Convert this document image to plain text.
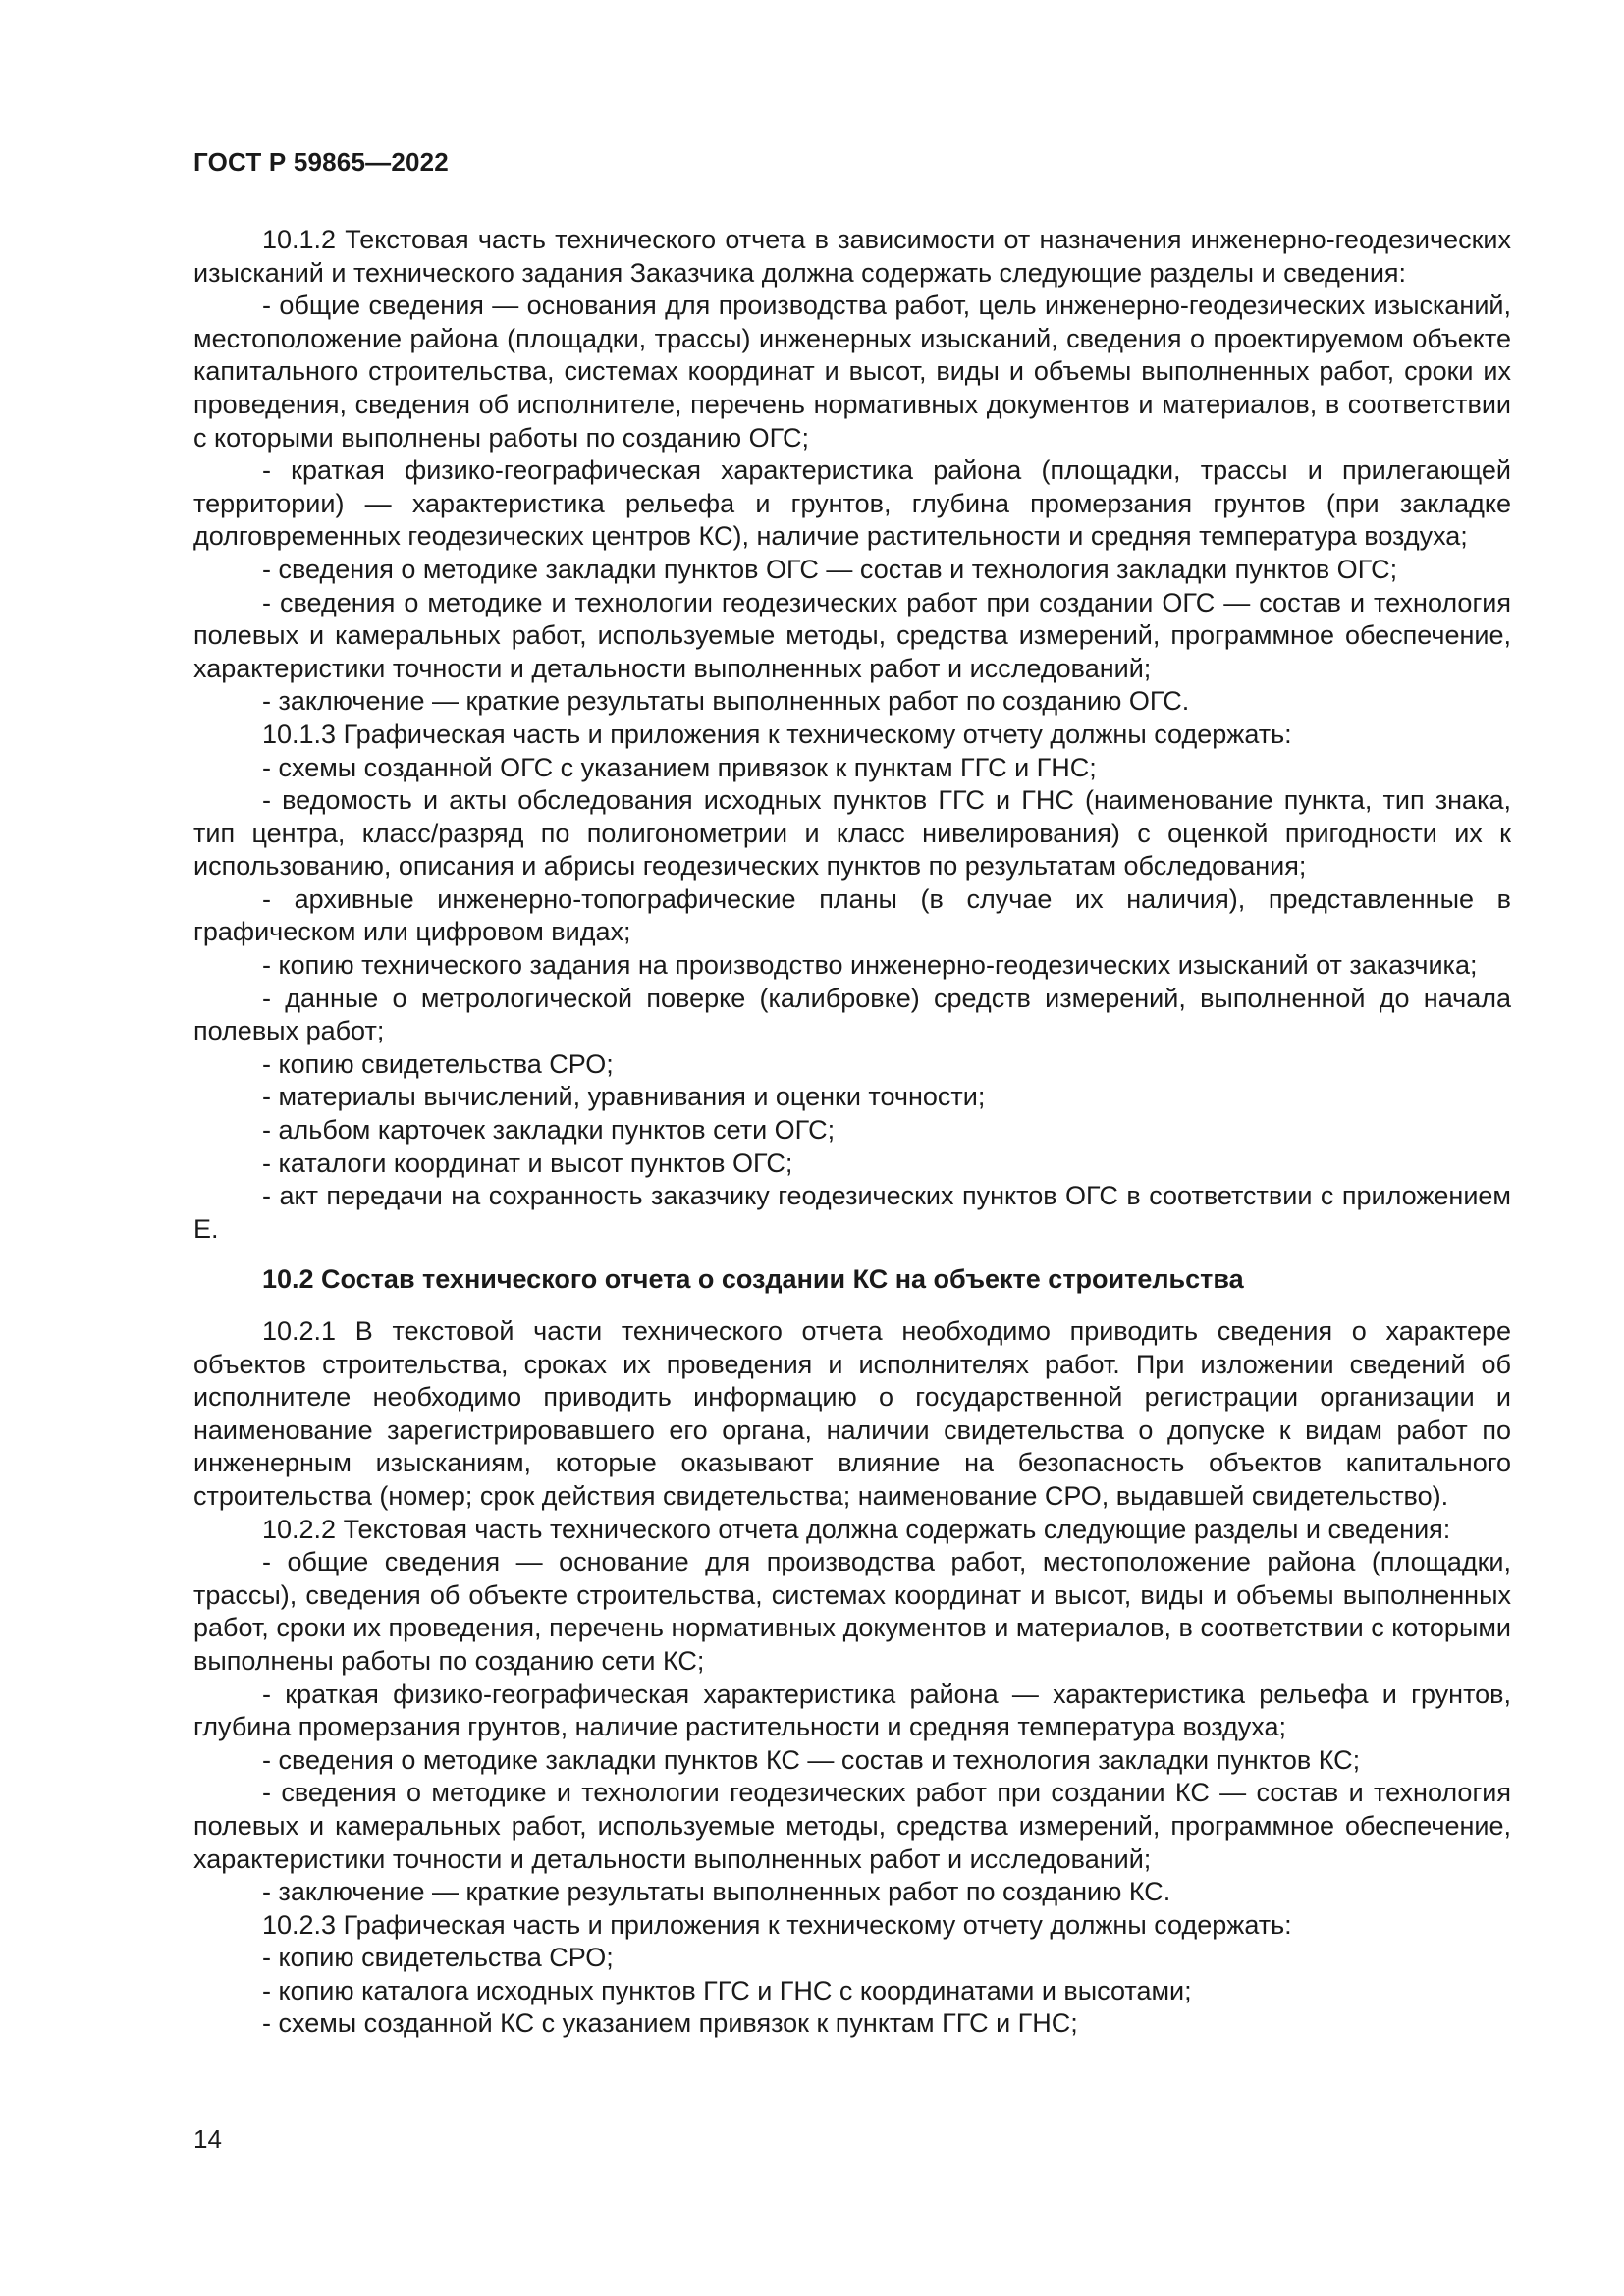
ГОСТ Р 59865—2022

10.1.2 Текстовая часть технического отчета в зависимости от назначения инженерно-геодезических изысканий и технического задания Заказчика должна содержать следующие разделы и сведения:

- общие сведения — основания для производства работ, цель инженерно-геодезических изысканий, местоположение района (площадки, трассы) инженерных изысканий, сведения о проектируемом объекте капитального строительства, системах координат и высот, виды и объемы выполненных работ, сроки их проведения, сведения об исполнителе, перечень нормативных документов и материалов, в соответствии с которыми выполнены работы по созданию ОГС;

- краткая физико-географическая характеристика района (площадки, трассы и прилегающей территории) — характеристика рельефа и грунтов, глубина промерзания грунтов (при закладке долговременных геодезических центров КС), наличие растительности и средняя температура воздуха;

- сведения о методике закладки пунктов ОГС — состав и технология закладки пунктов ОГС;

- сведения о методике и технологии геодезических работ при создании ОГС — состав и технология полевых и камеральных работ, используемые методы, средства измерений, программное обеспечение, характеристики точности и детальности выполненных работ и исследований;

- заключение — краткие результаты выполненных работ по созданию ОГС.

10.1.3 Графическая часть и приложения к техническому отчету должны содержать:

- схемы созданной ОГС с указанием привязок к пунктам ГГС и ГНС;

- ведомость и акты обследования исходных пунктов ГГС и ГНС (наименование пункта, тип знака, тип центра, класс/разряд по полигонометрии и класс нивелирования) с оценкой пригодности их к использованию, описания и абрисы геодезических пунктов по результатам обследования;

- архивные инженерно-топографические планы (в случае их наличия), представленные в графическом или цифровом видах;

- копию технического задания на производство инженерно-геодезических изысканий от заказчика;

- данные о метрологической поверке (калибровке) средств измерений, выполненной до начала полевых работ;

- копию свидетельства СРО;

- материалы вычислений, уравнивания и оценки точности;

- альбом карточек закладки пунктов сети ОГС;

- каталоги координат и высот пунктов ОГС;

- акт передачи на сохранность заказчику геодезических пунктов ОГС в соответствии с приложением Е.

10.2 Состав технического отчета о создании КС на объекте строительства

10.2.1 В текстовой части технического отчета необходимо приводить сведения о характере объектов строительства, сроках их проведения и исполнителях работ. При изложении сведений об исполнителе необходимо приводить информацию о государственной регистрации организации и наименование зарегистрировавшего его органа, наличии свидетельства о допуске к видам работ по инженерным изысканиям, которые оказывают влияние на безопасность объектов капитального строительства (номер; срок действия свидетельства; наименование СРО, выдавшей свидетельство).

10.2.2 Текстовая часть технического отчета должна содержать следующие разделы и сведения:

- общие сведения — основание для производства работ, местоположение района (площадки, трассы), сведения об объекте строительства, системах координат и высот, виды и объемы выполненных работ, сроки их проведения, перечень нормативных документов и материалов, в соответствии с которыми выполнены работы по созданию сети КС;

- краткая физико-географическая характеристика района — характеристика рельефа и грунтов, глубина промерзания грунтов, наличие растительности и средняя температура воздуха;

- сведения о методике закладки пунктов КС — состав и технология закладки пунктов КС;

- сведения о методике и технологии геодезических работ при создании КС — состав и технология полевых и камеральных работ, используемые методы, средства измерений, программное обеспечение, характеристики точности и детальности выполненных работ и исследований;

- заключение — краткие результаты выполненных работ по созданию КС.

10.2.3 Графическая часть и приложения к техническому отчету должны содержать:

- копию свидетельства СРО;

- копию каталога исходных пунктов ГГС и ГНС с координатами и высотами;

- схемы созданной КС с указанием привязок к пунктам ГГС и ГНС;

14
